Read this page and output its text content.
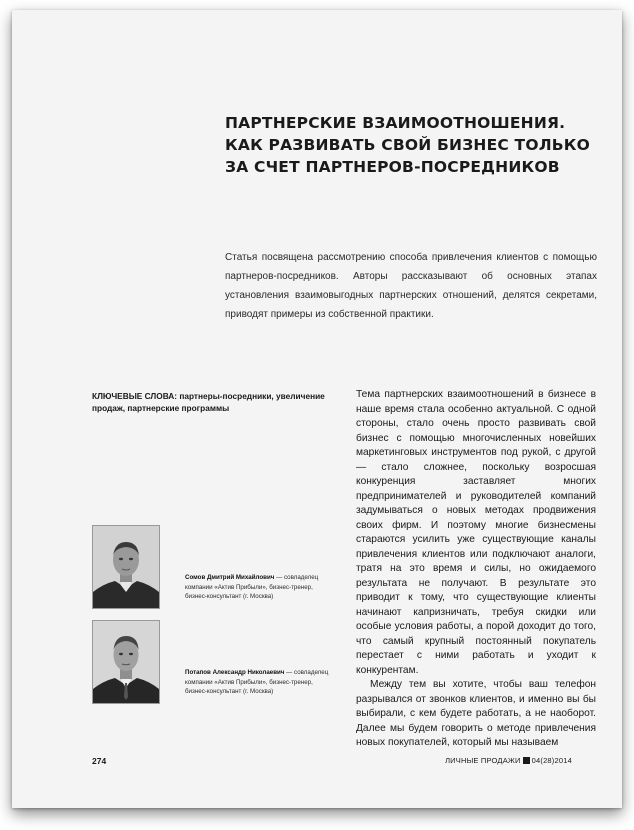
ПАРТНЕРСКИЕ ВЗАИМООТНОШЕНИЯ.
КАК РАЗВИВАТЬ СВОЙ БИЗНЕС ТОЛЬКО
ЗА СЧЕТ ПАРТНЕРОВ-ПОСРЕДНИКОВ

Статья посвящена рассмотрению способа привлечения клиентов с помощью партнеров-посредников. Авторы рассказывают об основных этапах установления взаимовыгодных партнерских отношений, делятся секретами, приводят примеры из собственной практики.

КЛЮЧЕВЫЕ СЛОВА: партнеры-посредники, увеличение продаж, партнерские программы

Тема партнерских взаимоотношений в бизнесе в наше время стала особенно актуальной. С одной стороны, стало очень просто развивать свой бизнес с помощью многочисленных новейших маркетинговых инструментов под рукой, с другой — стало сложнее, поскольку возросшая конкуренция заставляет многих предпринимателей и руководителей компаний задумываться о новых методах продвижения своих фирм. И поэтому многие бизнесмены стараются усилить уже существующие каналы привлечения клиентов или подключают аналоги, тратя на это время и силы, но ожидаемого результата не получают. В результате это приводит к тому, что существующие клиенты начинают капризничать, требуя скидки или особые условия работы, а порой доходит до того, что самый крупный постоянный покупатель перестает с ними работать и уходит к конкурентам.

Между тем вы хотите, чтобы ваш телефон разрывался от звонков клиентов, и именно вы бы выбирали, с кем будете работать, а не наоборот. Далее мы будем говорить о методе привлечения новых покупателей, который мы называем

Сомов Дмитрий Михайлович — совладелец компании «Актив Прибыли», бизнес-тренер, бизнес-консультант (г. Москва)
Потапов Александр Николаевич — совладелец компании «Актив Прибыли», бизнес-тренер, бизнес-консультант (г. Москва)
274	ЛИЧНЫЕ ПРОДАЖИ 04(28)2014
